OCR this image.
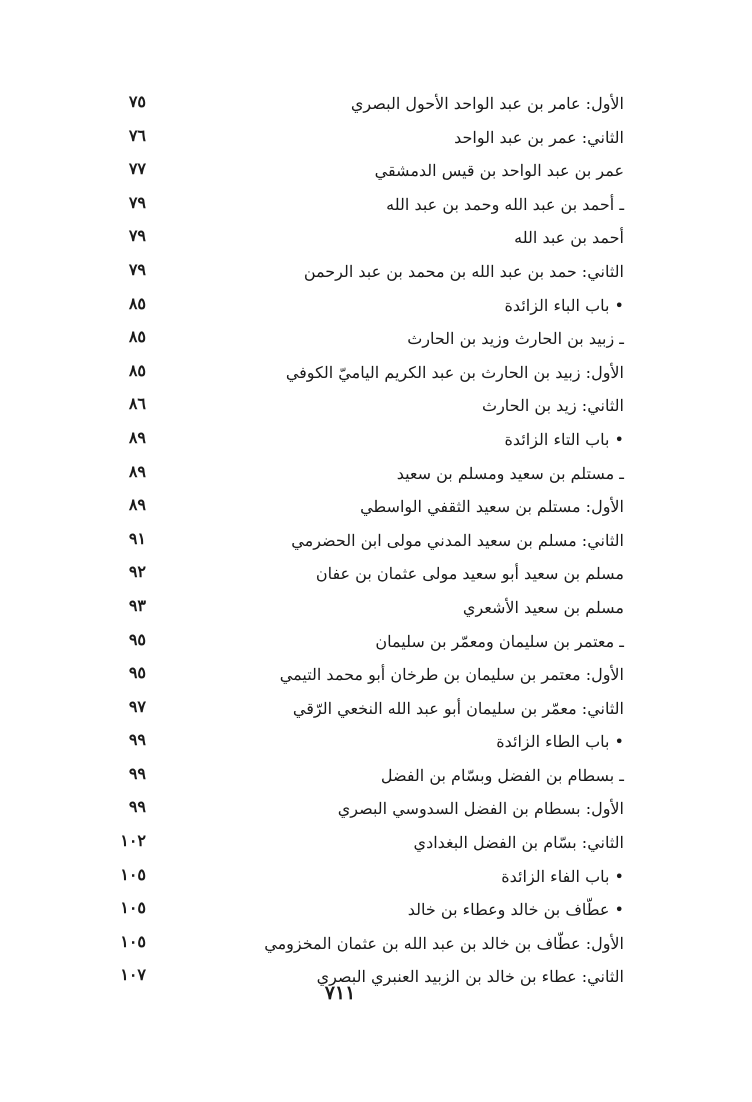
الأول: عامر بن عبد الواحد الأحول البصري
٧٥
الثاني: عمر بن عبد الواحد
٧٦
عمر بن عبد الواحد بن قيس الدمشقي
٧٧
ـ أحمد بن عبد الله وحمد بن عبد الله
٧٩
أحمد بن عبد الله
٧٩
الثاني: حمد بن عبد الله بن محمد بن عبد الرحمن
٧٩
• باب الباء الزائدة
٨٥
ـ زبيد بن الحارث وزيد بن الحارث
٨٥
الأول: زبيد بن الحارث بن عبد الكريم الياميّ الكوفي
٨٥
الثاني: زيد بن الحارث
٨٦
• باب التاء الزائدة
٨٩
ـ مستلم بن سعيد ومسلم بن سعيد
٨٩
الأول: مستلم بن سعيد الثقفي الواسطي
٨٩
الثاني: مسلم بن سعيد المدني مولى ابن الحضرمي
٩١
مسلم بن سعيد أبو سعيد مولى عثمان بن عفان
٩٢
مسلم بن سعيد الأشعري
٩٣
ـ معتمر بن سليمان ومعمّر بن سليمان
٩٥
الأول: معتمر بن سليمان بن طرخان أبو محمد التيمي
٩٥
الثاني: معمّر بن سليمان أبو عبد الله النخعي الرّقي
٩٧
• باب الطاء الزائدة
٩٩
ـ بسطام بن الفضل وبسّام بن الفضل
٩٩
الأول: بسطام بن الفضل السدوسي البصري
٩٩
الثاني: بسّام بن الفضل البغدادي
١٠٢
• باب الفاء الزائدة
١٠٥
• عطّاف بن خالد وعطاء بن خالد
١٠٥
الأول: عطّاف بن خالد بن عبد الله بن عثمان المخزومي
١٠٥
الثاني: عطاء بن خالد بن الزبيد العنبري البصري
١٠٧
٧١١
